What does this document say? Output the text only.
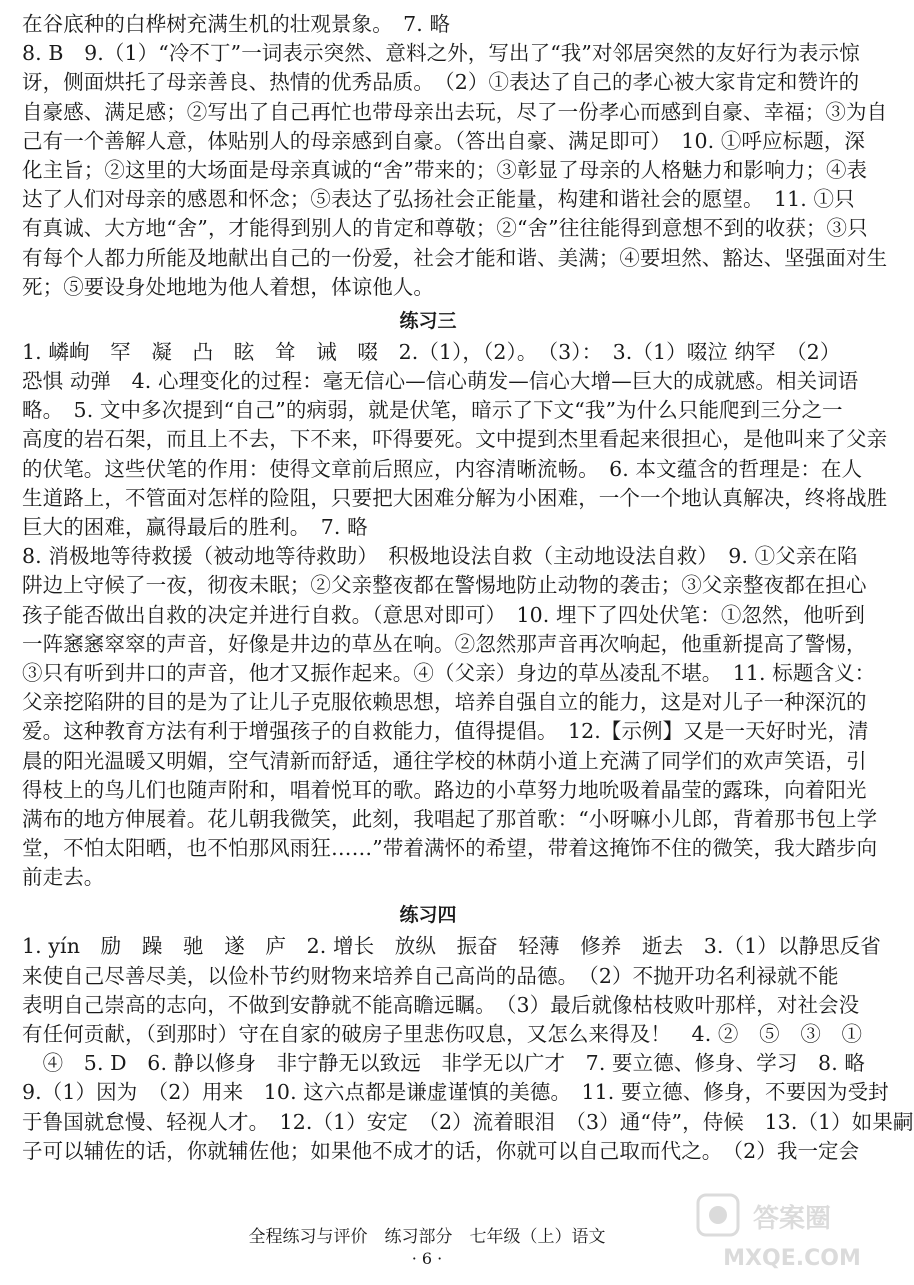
在谷底种的白桦树充满生机的壮观景象。　7. 略
8. B　9.（1）“冷不丁”一词表示突然、意料之外，写出了“我”对邻居突然的友好行为表示惊
讶，侧面烘托了母亲善良、热情的优秀品质。　（2）①表达了自己的孝心被大家肯定和赞许的
自豪感、满足感；②写出了自己再忙也带母亲出去玩，尽了一份孝心而感到自豪、幸福；③为自
己有一个善解人意，体贴别人的母亲感到自豪。（答出自豪、满足即可）　10. ①呼应标题，深
化主旨；②这里的大场面是母亲真诚的“舍”带来的；③彰显了母亲的人格魅力和影响力；④表
达了人们对母亲的感恩和怀念；⑤表达了弘扬社会正能量，构建和谐社会的愿望。　11. ①只
有真诚、大方地“舍”，才能得到别人的肯定和尊敬；②“舍”往往能得到意想不到的收获；③只
有每个人都力所能及地献出自己的一份爱，社会才能和谐、美满；④要坦然、豁达、坚强面对生
死；⑤要设身处地地为他人着想，体谅他人。
练习三
1. 嶙峋　罕　凝　凸　眩　耸　诫　啜　2.（1），（2）。　（3）：　3.（1）啜泣 纳罕　（2）
恐惧 动弹　4. 心理变化的过程：毫无信心—信心萌发—信心大增—巨大的成就感。相关词语
略。　5. 文中多次提到“自己”的病弱，就是伏笔，暗示了下文“我”为什么只能爬到三分之一
高度的岩石架，而且上不去，下不来，吓得要死。文中提到杰里看起来很担心，是他叫来了父亲
的伏笔。这些伏笔的作用：使得文章前后照应，内容清晰流畅。　6. 本文蕴含的哲理是：在人
生道路上，不管面对怎样的险阻，只要把大困难分解为小困难，一个一个地认真解决，终将战胜
巨大的困难，赢得最后的胜利。　7. 略
8. 消极地等待救援（被动地等待救助）　积极地设法自救（主动地设法自救）　9. ①父亲在陷
阱边上守候了一夜，彻夜未眠；②父亲整夜都在警惕地防止动物的袭击；③父亲整夜都在担心
孩子能否做出自救的决定并进行自救。（意思对即可）　10. 埋下了四处伏笔：①忽然，他听到
一阵窸窸窣窣的声音，好像是井边的草丛在响。②忽然那声音再次响起，他重新提高了警惕，
③只有听到井口的声音，他才又振作起来。④（父亲）身边的草丛凌乱不堪。　11. 标题含义：
父亲挖陷阱的目的是为了让儿子克服依赖思想，培养自强自立的能力，这是对儿子一种深沉的
爱。这种教育方法有利于增强孩子的自救能力，值得提倡。　12.【示例】又是一天好时光，清
晨的阳光温暖又明媚，空气清新而舒适，通往学校的林荫小道上充满了同学们的欢声笑语，引
得枝上的鸟儿们也随声附和，唱着悦耳的歌。路边的小草努力地吮吸着晶莹的露珠，向着阳光
满布的地方伸展着。花儿朝我微笑，此刻，我唱起了那首歌：“小呀嘛小儿郎，背着那书包上学
堂，不怕太阳晒，也不怕那风雨狂……”带着满怀的希望，带着这掩饰不住的微笑，我大踏步向
前走去。
练习四
1. yín　励　躁　驰　遂　庐　2. 增长　放纵　振奋　轻薄　修养　逝去　3.（1）以静思反省
来使自己尽善尽美，以俭朴节约财物来培养自己高尚的品德。　（2）不抛开功名利禄就不能
表明自己崇高的志向，不做到安静就不能高瞻远瞩。　（3）最后就像枯枝败叶那样，对社会没
有任何贡献，（到那时）守在自家的破房子里悲伤叹息，又怎么来得及！　4. ②　⑤　③　①
　④　5. D　6. 静以修身　非宁静无以致远　非学无以广才　7. 要立德、修身、学习　8. 略
9.（1）因为　（2）用来　10. 这六点都是谦虚谨慎的美德。　11. 要立德、修身，不要因为受封
于鲁国就怠慢、轻视人才。　12.（1）安定　（2）流着眼泪　（3）通“侍”，侍候　13.（1）如果嗣
子可以辅佐的话，你就辅佐他；如果他不成才的话，你就可以自己取而代之。　（2）我一定会
全程练习与评价　练习部分　七年级（上）语文
· 6 ·
答案圈
MXQE.COM
